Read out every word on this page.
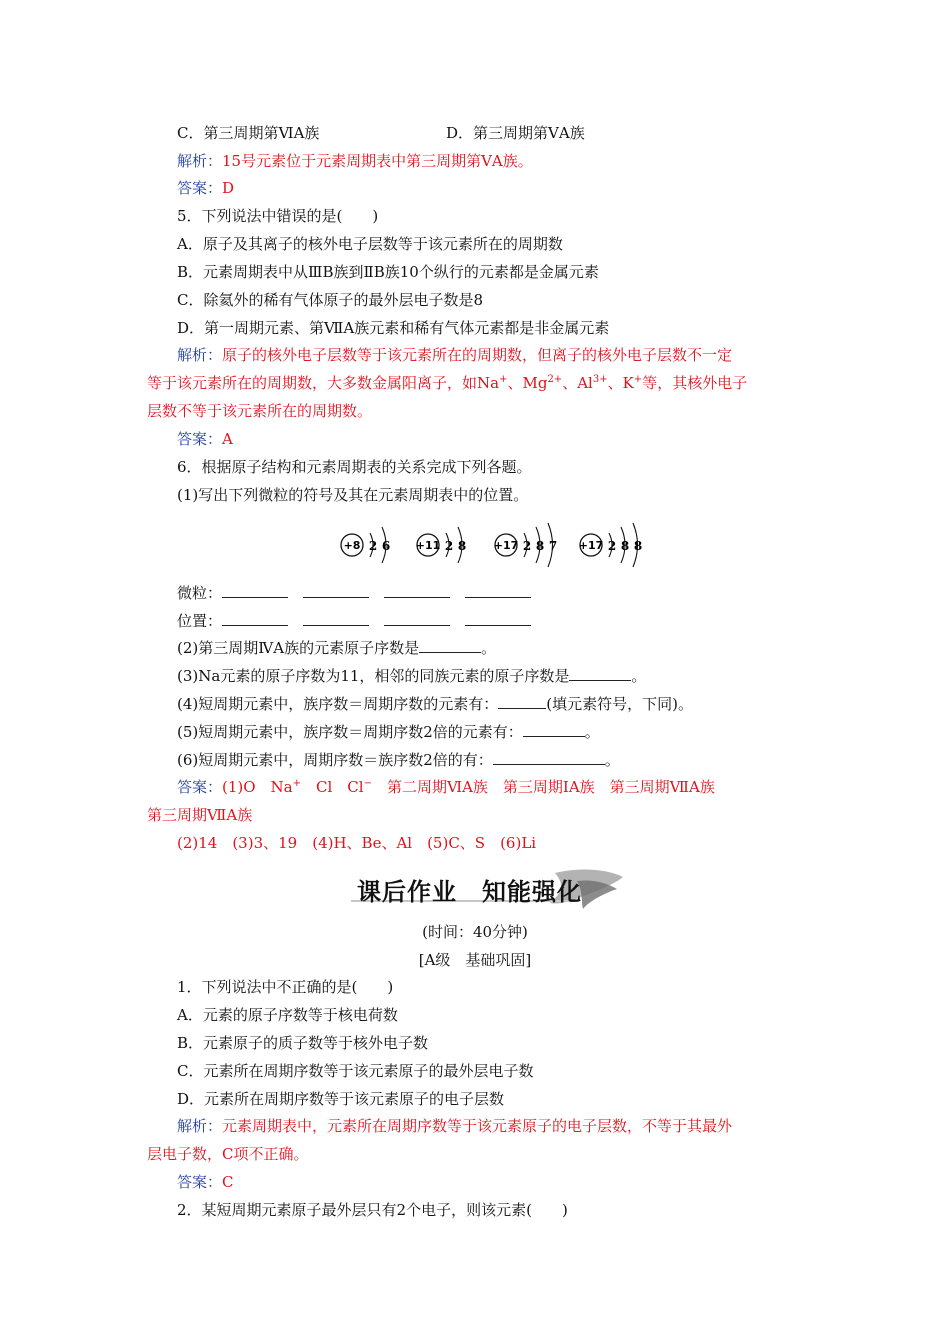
C．第三周期第ⅥA族	D．第三周期第ⅤA族
解析：15号元素位于元素周期表中第三周期第ⅤA族。
答案：D
5．下列说法中错误的是(　　)
A．原子及其离子的核外电子层数等于该元素所在的周期数
B．元素周期表中从ⅢB族到ⅡB族10个纵行的元素都是金属元素
C．除氦外的稀有气体原子的最外层电子数是8
D．第一周期元素、第ⅦA族元素和稀有气体元素都是非金属元素
解析：原子的核外电子层数等于该元素所在的周期数，但离子的核外电子层数不一定
等于该元素所在的周期数，大多数金属阳离子，如Na+、$Mg^{2+}$、$Al^{3+}$、K+等，其核外电子
层数不等于该元素所在的周期数。
答案：A
6．根据原子结构和元素周期表的关系完成下列各题。
(1)写出下列微粒的符号及其在元素周期表中的位置。
+8 2 6 +11 2 8	+17 2 8 7 +17 2 8 8
微粒：　　　
位置：　　　
(2)第三周期ⅣA族的元素原子序数是	。
(3)Na元素的原子序数为11，相邻的同族元素的原子序数是	。
(4)短周期元素中，族序数＝周期序数的元素有：	(填元素符号，下同)。
(5)短周期元素中，族序数＝周期序数2倍的元素有：	。
(6)短周期元素中，周期序数＝族序数2倍的有：	。
答案：(1)O　Na+　Cl　Cl−　第二周期ⅥA族　第三周期ⅠA族　第三周期ⅦA族
第三周期ⅦA族
(2)14　(3)3、19　(4)H、Be、Al　(5)C、S　(6)Li
课后作业　知能强化
(时间：40分钟)
[A级　基础巩固]
1．下列说法中不正确的是(　　)
A．元素的原子序数等于核电荷数
B．元素原子的质子数等于核外电子数
C．元素所在周期序数等于该元素原子的最外层电子数
D．元素所在周期序数等于该元素原子的电子层数
解析：元素周期表中，元素所在周期序数等于该元素原子的电子层数，不等于其最外
层电子数，C项不正确。
答案：C
2．某短周期元素原子最外层只有2个电子，则该元素(　　)
